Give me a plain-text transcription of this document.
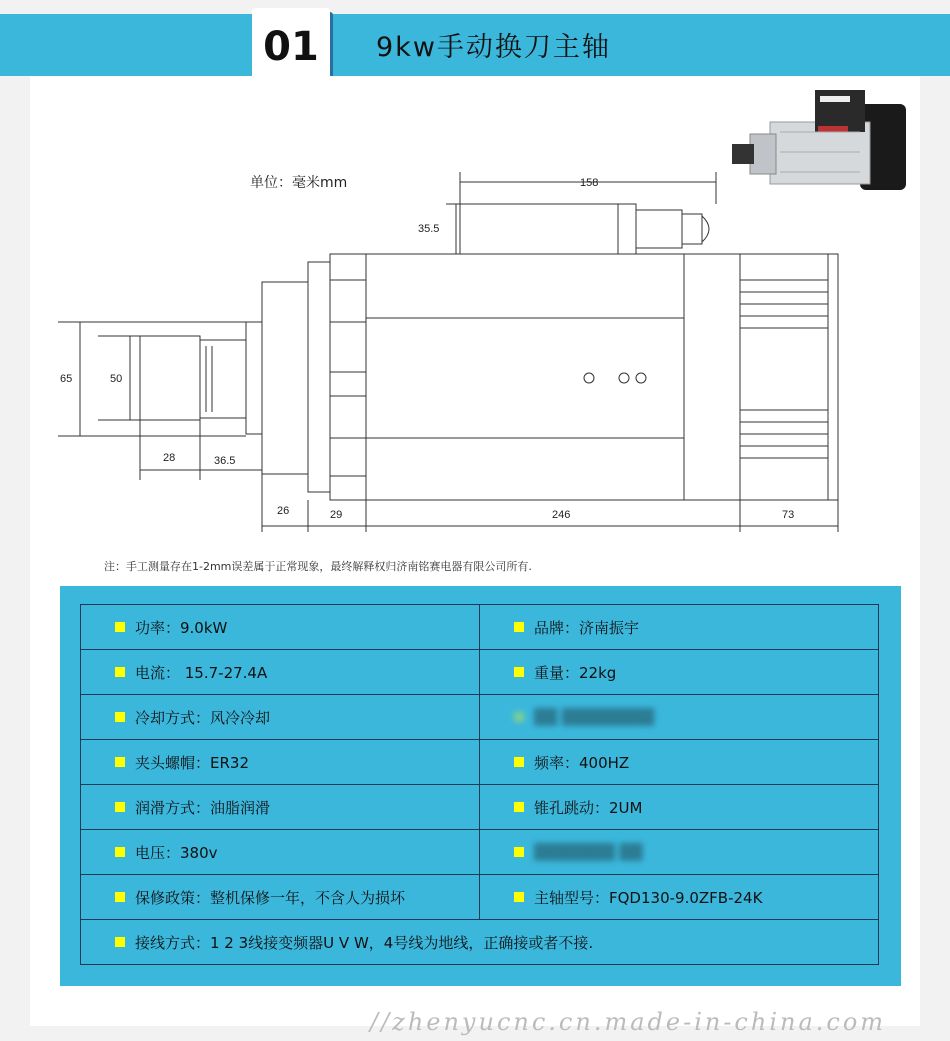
01	9kw手动换刀主轴
单位：毫米mm	158
35.5
65	50
28	36.5
26	29	246	73
注：手工测量存在1-2mm误差属于正常现象，最终解释权归济南铭赛电器有限公司所有.
功率：9.0kW	品牌：济南振宇

电流： 15.7-27.4A	重量：22kg

冷却方式：风冷冷却	██ ████████

夹头螺帽：ER32	频率：400HZ

润滑方式：油脂润滑	锥孔跳动：2UM

电压：380v	███████ ██

保修政策：整机保修一年，不含人为损坏	主轴型号：FQD130-9.0ZFB-24K

接线方式：1 2 3线接变频器U V W，4号线为地线，正确接或者不接.	
//zhenyucnc.cn.made-in-china.com
